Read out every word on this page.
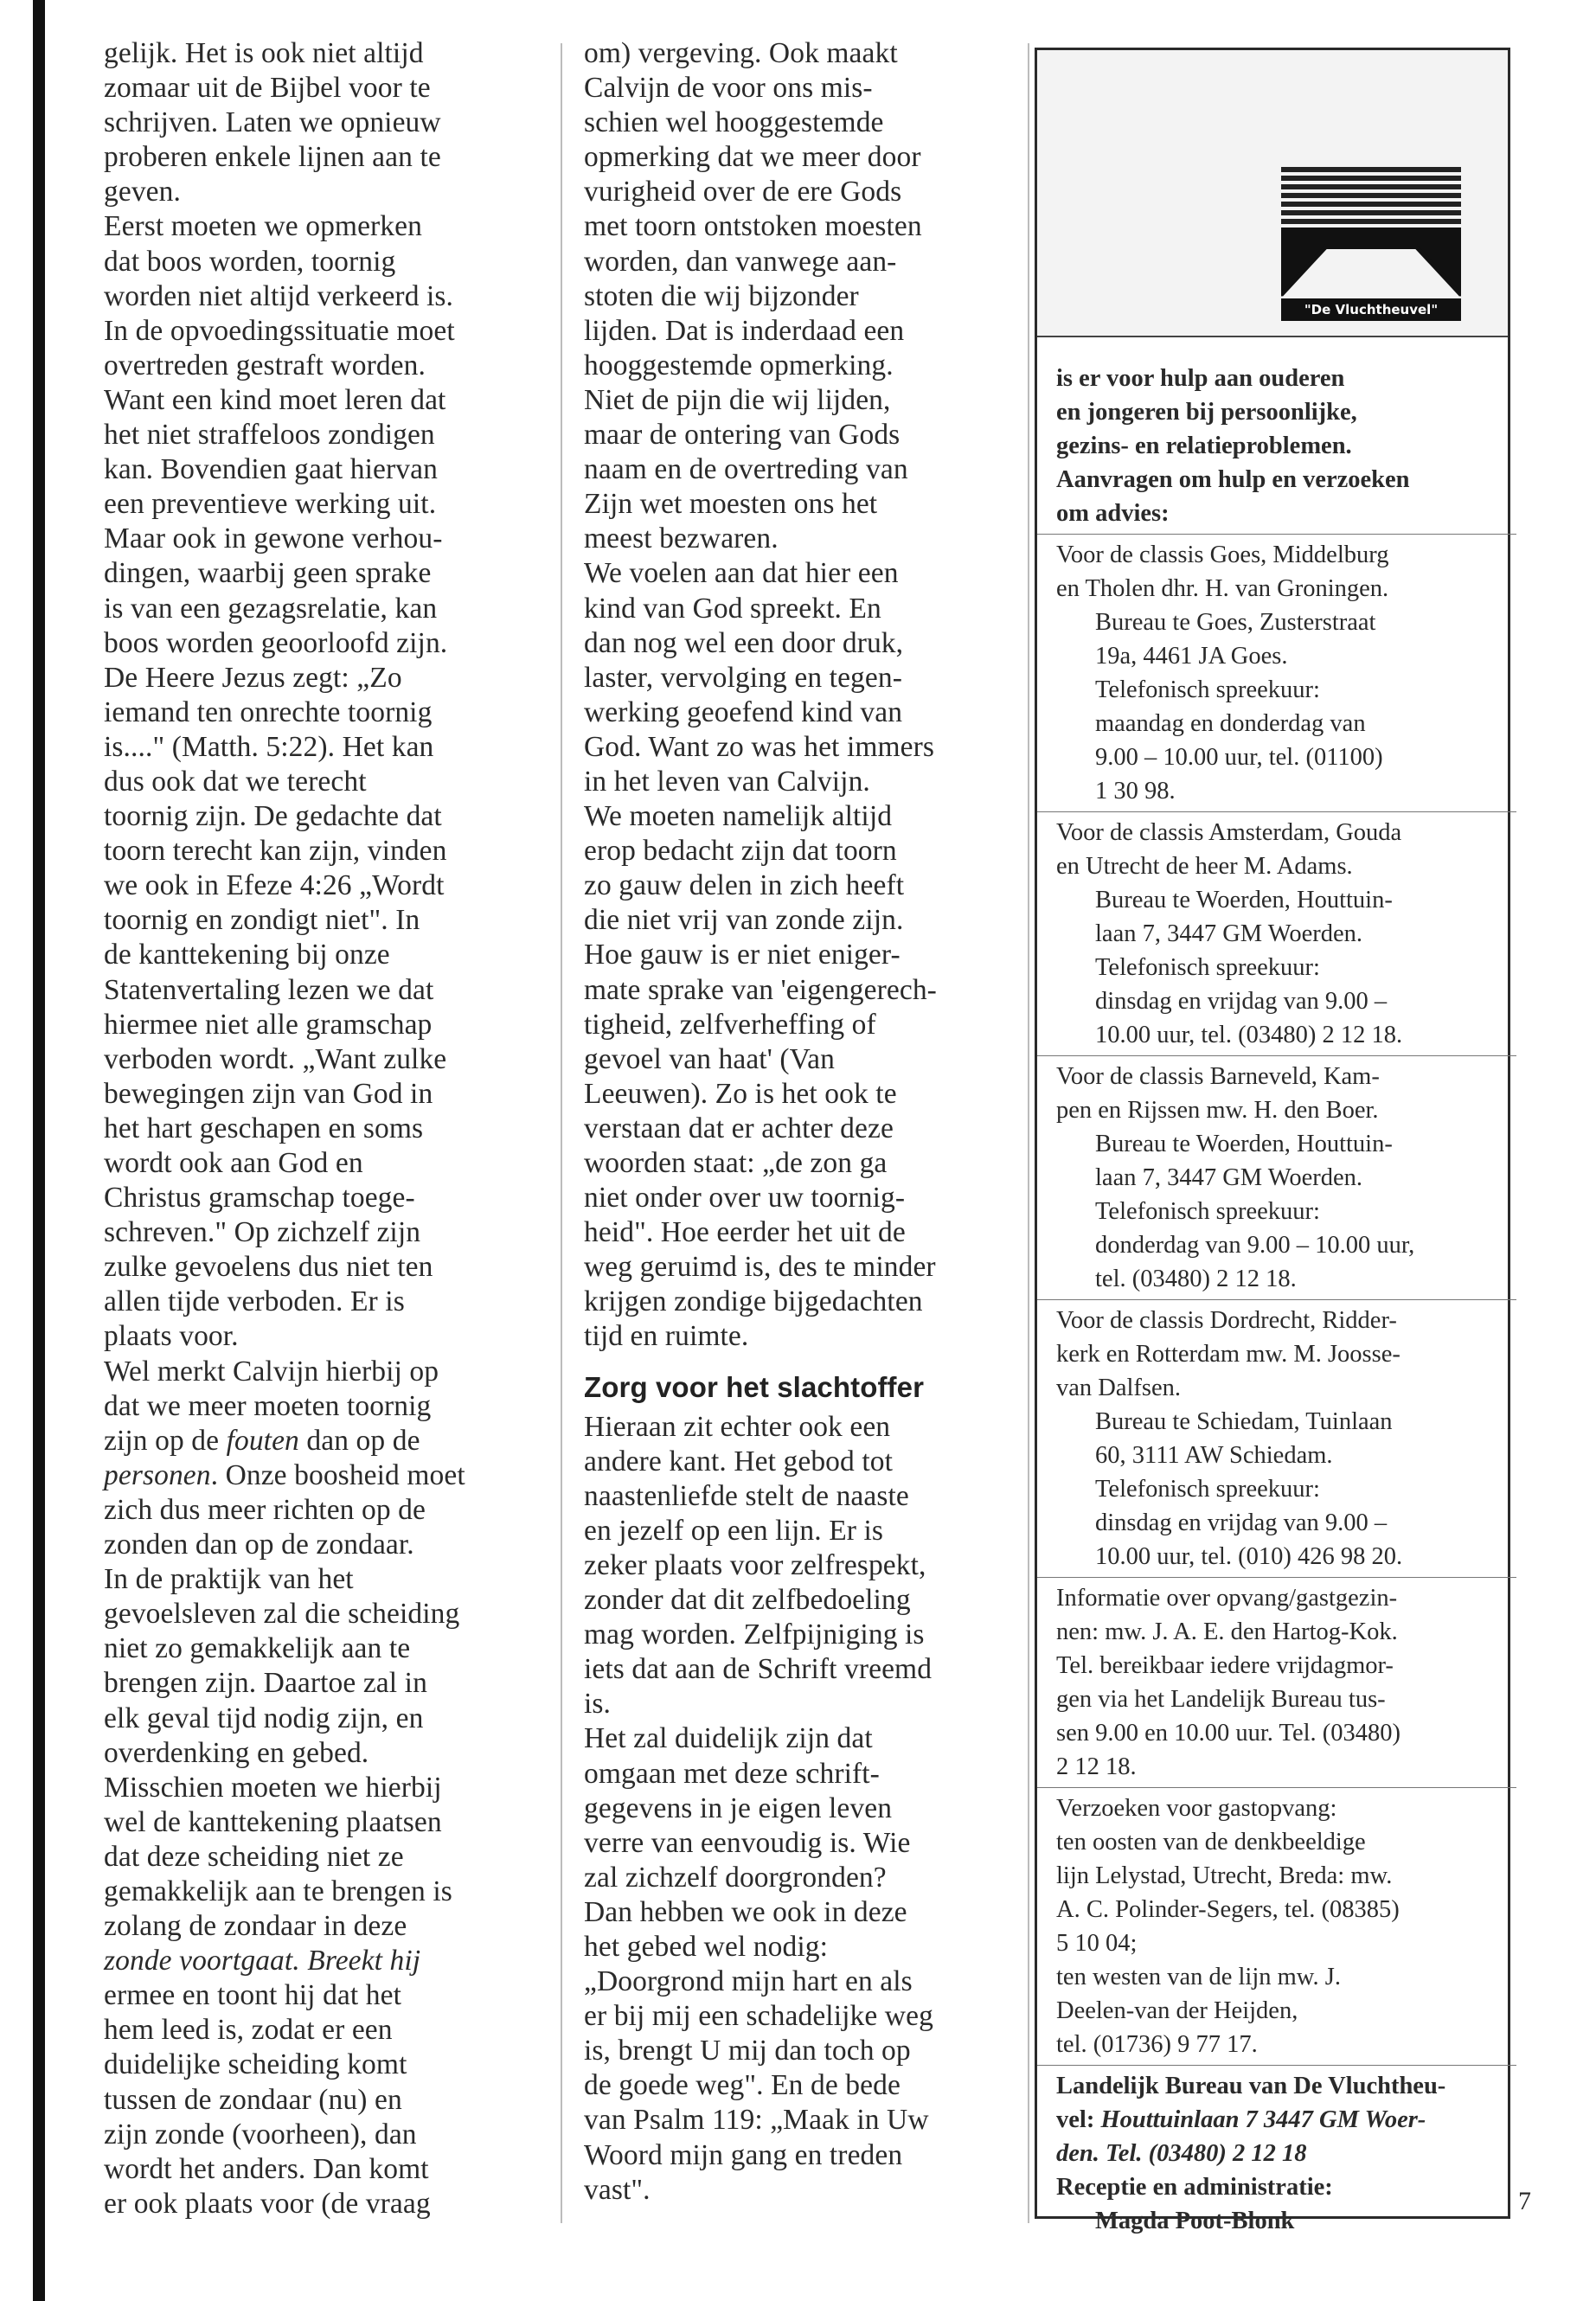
gelijk. Het is ook niet altijd

zomaar uit de Bijbel voor te

schrijven. Laten we opnieuw

proberen enkele lijnen aan te

geven.

Eerst moeten we opmerken

dat boos worden, toornig

worden niet altijd verkeerd is.

In de opvoedingssituatie moet

overtreden gestraft worden.

Want een kind moet leren dat

het niet straffeloos zondigen

kan. Bovendien gaat hiervan

een preventieve werking uit.

Maar ook in gewone verhou-

dingen, waarbij geen sprake

is van een gezagsrelatie, kan

boos worden geoorloofd zijn.

De Heere Jezus zegt: „Zo

iemand ten onrechte toornig

is...." (Matth. 5:22). Het kan

dus ook dat we terecht

toornig zijn. De gedachte dat

toorn terecht kan zijn, vinden

we ook in Efeze 4:26 „Wordt

toornig en zondigt niet". In

de kanttekening bij onze

Statenvertaling lezen we dat

hiermee niet alle gramschap

verboden wordt. „Want zulke

bewegingen zijn van God in

het hart geschapen en soms

wordt ook aan God en

Christus gramschap toege-

schreven." Op zichzelf zijn

zulke gevoelens dus niet ten

allen tijde verboden. Er is

plaats voor.

Wel merkt Calvijn hierbij op

dat we meer moeten toornig

zijn op de fouten dan op de

personen. Onze boosheid moet

zich dus meer richten op de

zonden dan op de zondaar.

In de praktijk van het

gevoelsleven zal die scheiding

niet zo gemakkelijk aan te

brengen zijn. Daartoe zal in

elk geval tijd nodig zijn, en

overdenking en gebed.

Misschien moeten we hierbij

wel de kanttekening plaatsen

dat deze scheiding niet ze

gemakkelijk aan te brengen is

zolang de zondaar in deze

zonde voortgaat. Breekt hij

ermee en toont hij dat het

hem leed is, zodat er een

duidelijke scheiding komt

tussen de zondaar (nu) en

zijn zonde (voorheen), dan

wordt het anders. Dan komt

er ook plaats voor (de vraag

om) vergeving. Ook maakt

Calvijn de voor ons mis-

schien wel hooggestemde

opmerking dat we meer door

vurigheid over de ere Gods

met toorn ontstoken moesten

worden, dan vanwege aan-

stoten die wij bijzonder

lijden. Dat is inderdaad een

hooggestemde opmerking.

Niet de pijn die wij lijden,

maar de ontering van Gods

naam en de overtreding van

Zijn wet moesten ons het

meest bezwaren.

We voelen aan dat hier een

kind van God spreekt. En

dan nog wel een door druk,

laster, vervolging en tegen-

werking geoefend kind van

God. Want zo was het immers

in het leven van Calvijn.

We moeten namelijk altijd

erop bedacht zijn dat toorn

zo gauw delen in zich heeft

die niet vrij van zonde zijn.

Hoe gauw is er niet eniger-

mate sprake van 'eigengerech-

tigheid, zelfverheffing of

gevoel van haat' (Van

Leeuwen). Zo is het ook te

verstaan dat er achter deze

woorden staat: „de zon ga

niet onder over uw toornig-

heid". Hoe eerder het uit de

weg geruimd is, des te minder

krijgen zondige bijgedachten

tijd en ruimte.

Zorg voor het slachtoffer

Hieraan zit echter ook een

andere kant. Het gebod tot

naastenliefde stelt de naaste

en jezelf op een lijn. Er is

zeker plaats voor zelfrespekt,

zonder dat dit zelfbedoeling

mag worden. Zelfpijniging is

iets dat aan de Schrift vreemd

is.

Het zal duidelijk zijn dat

omgaan met deze schrift-

gegevens in je eigen leven

verre van eenvoudig is. Wie

zal zichzelf doorgronden?

Dan hebben we ook in deze

het gebed wel nodig:

„Doorgrond mijn hart en als

er bij mij een schadelijke weg

is, brengt U mij dan toch op

de goede weg". En de bede

van Psalm 119: „Maak in Uw

Woord mijn gang en treden

vast".

"De Vluchtheuvel"

is er voor hulp aan ouderen

en jongeren bij persoonlijke,

gezins- en relatieproblemen.

Aanvragen om hulp en verzoeken

om advies:

Voor de classis Goes, Middelburg

en Tholen dhr. H. van Groningen.

Bureau te Goes, Zusterstraat

19a, 4461 JA Goes.

Telefonisch spreekuur:

maandag en donderdag van

9.00 – 10.00 uur, tel. (01100)

1 30 98.

Voor de classis Amsterdam, Gouda

en Utrecht de heer M. Adams.

Bureau te Woerden, Houttuin-

laan 7, 3447 GM Woerden.

Telefonisch spreekuur:

dinsdag en vrijdag van 9.00 –

10.00 uur, tel. (03480) 2 12 18.

Voor de classis Barneveld, Kam-

pen en Rijssen mw. H. den Boer.

Bureau te Woerden, Houttuin-

laan 7, 3447 GM Woerden.

Telefonisch spreekuur:

donderdag van 9.00 – 10.00 uur,

tel. (03480) 2 12 18.

Voor de classis Dordrecht, Ridder-

kerk en Rotterdam mw. M. Joosse-

van Dalfsen.

Bureau te Schiedam, Tuinlaan

60, 3111 AW Schiedam.

Telefonisch spreekuur:

dinsdag en vrijdag van 9.00 –

10.00 uur, tel. (010) 426 98 20.

Informatie over opvang/gastgezin-

nen: mw. J. A. E. den Hartog-Kok.

Tel. bereikbaar iedere vrijdagmor-

gen via het Landelijk Bureau tus-

sen 9.00 en 10.00 uur. Tel. (03480)

2 12 18.

Verzoeken voor gastopvang:

ten oosten van de denkbeeldige

lijn Lelystad, Utrecht, Breda: mw.

A. C. Polinder-Segers, tel. (08385)

5 10 04;

ten westen van de lijn mw. J.

Deelen-van der Heijden,

tel. (01736) 9 77 17.

Landelijk Bureau van De Vluchtheu-

vel: Houttuinlaan 7 3447 GM Woer-

den. Tel. (03480) 2 12 18

Receptie en administratie:

Magda Poot-Blonk

7
